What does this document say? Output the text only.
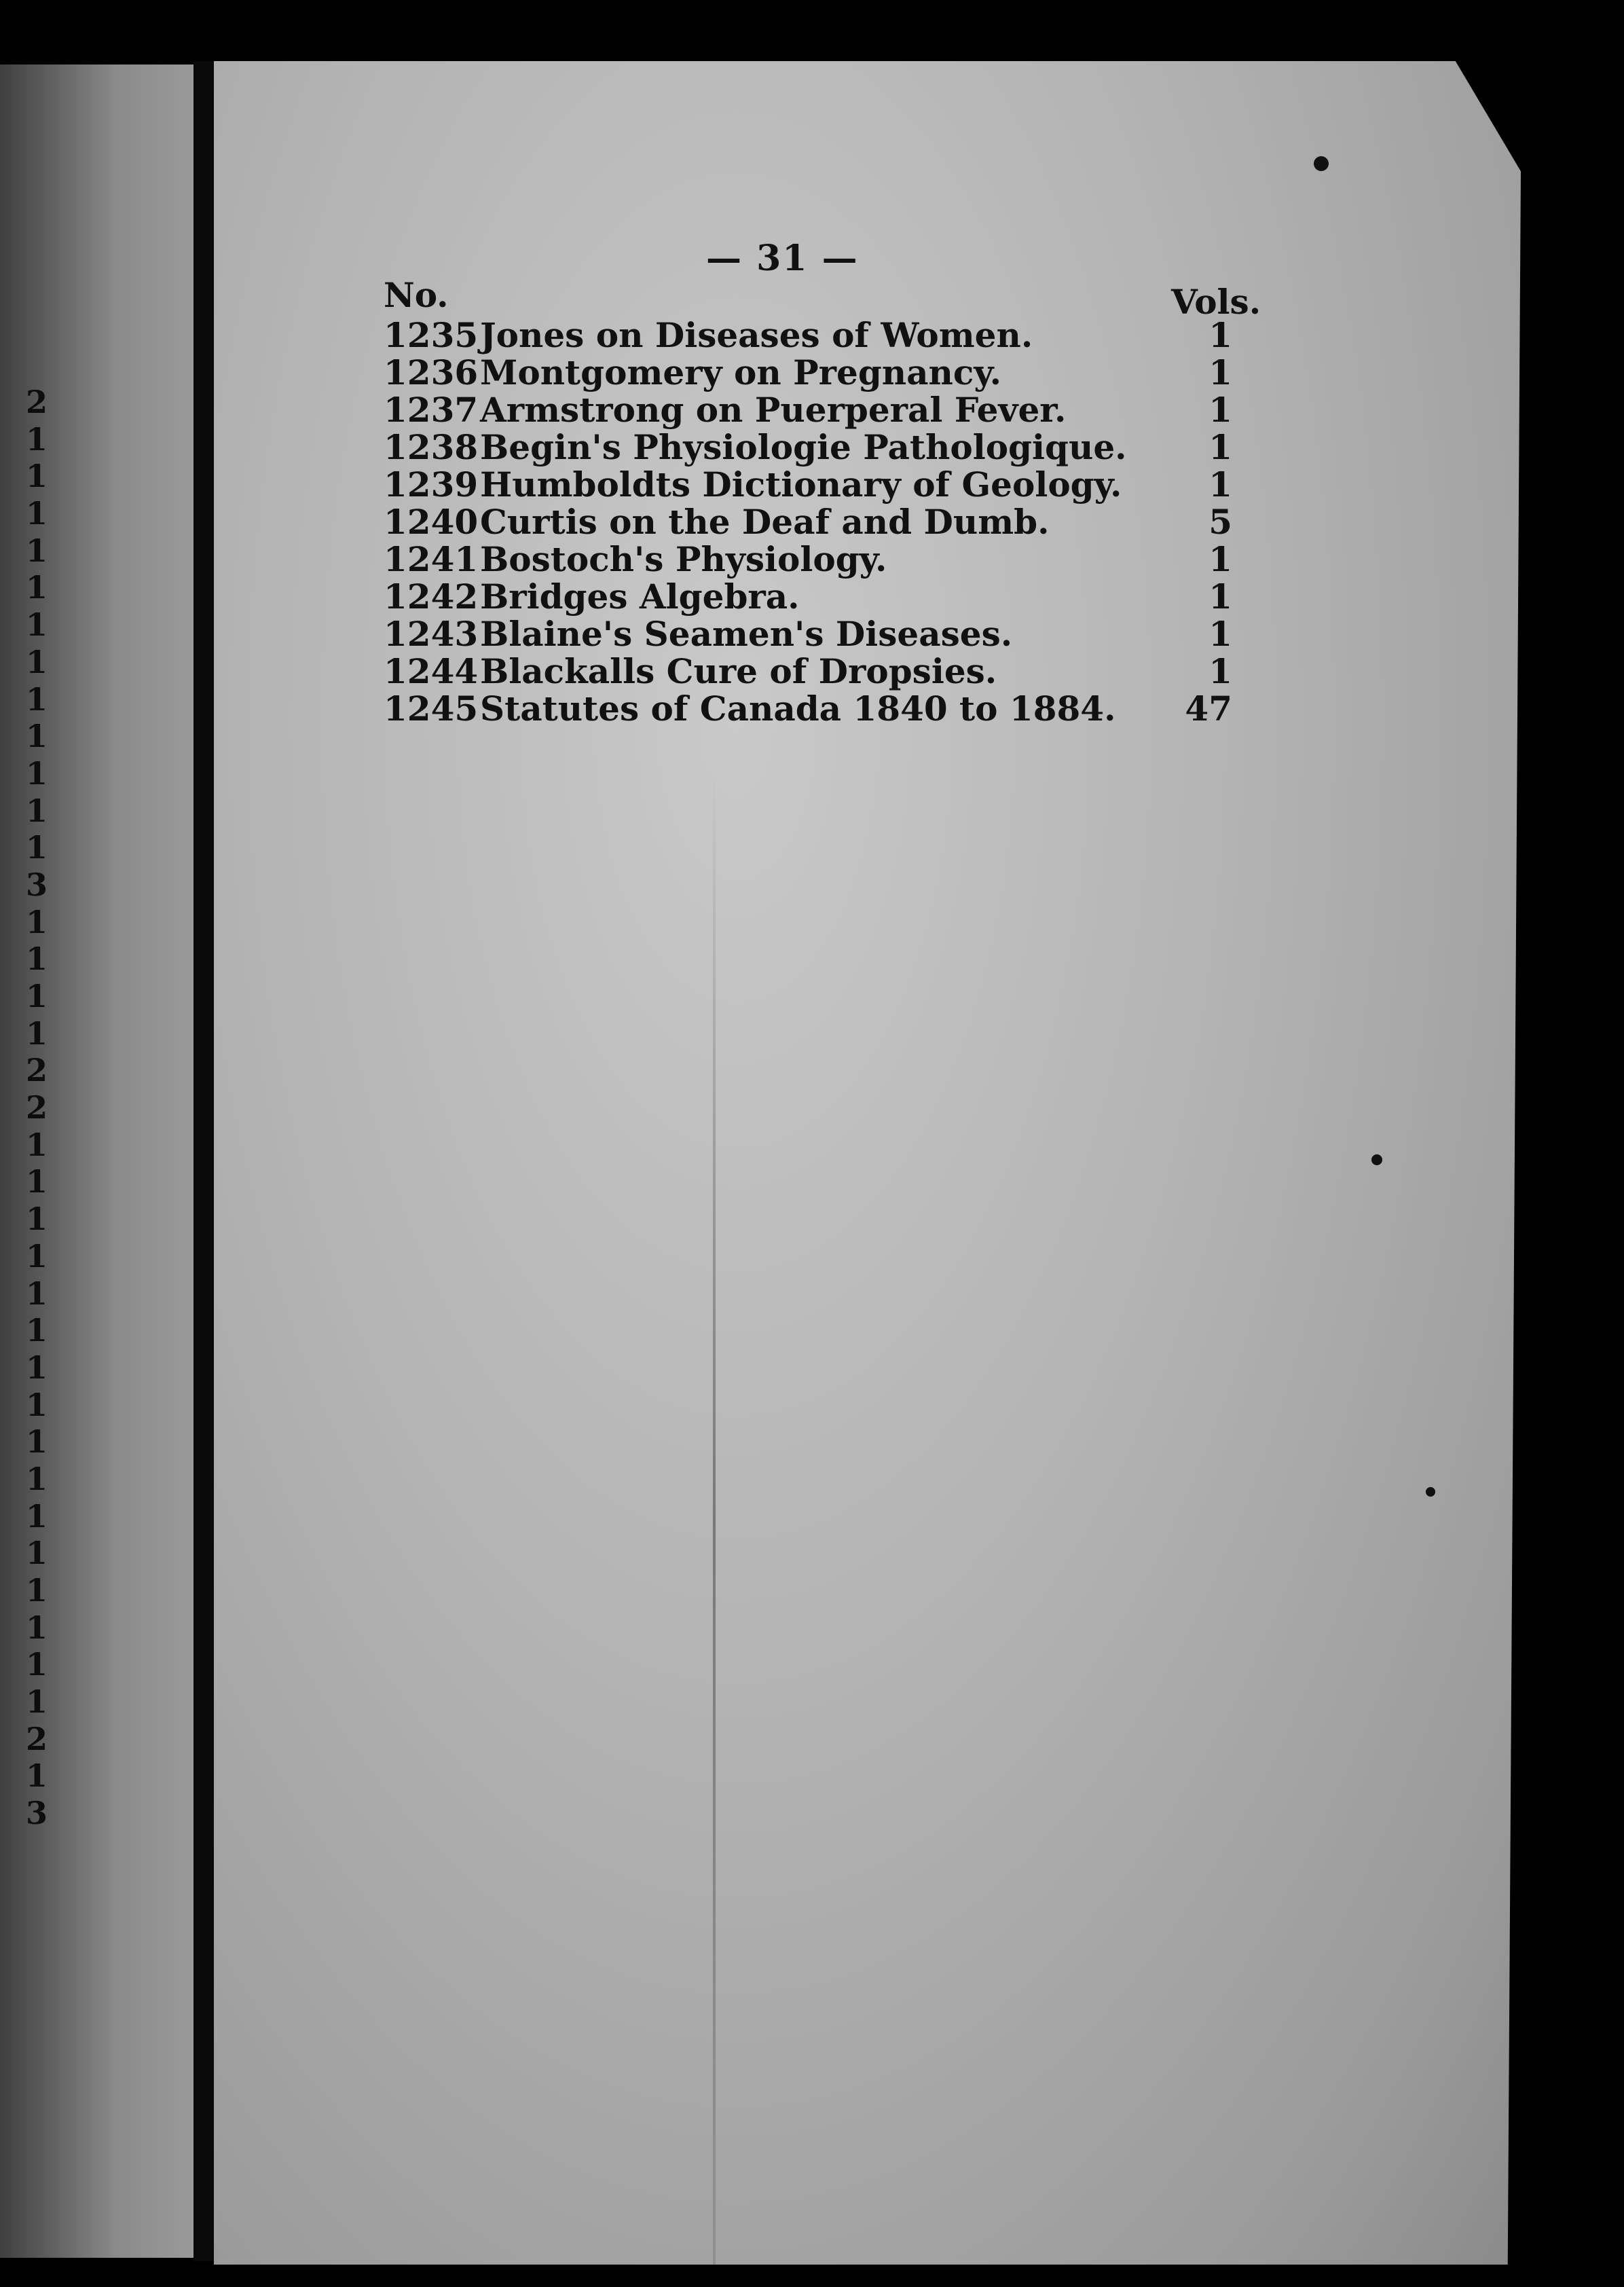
2
1
1
1
1
1
1
1
1
1
1
1
1
3
1
1
1
1
2
2
1
1
1
1
1
1
1
1
1
1
1
1
1
1
1
1
2
1
3
— 31 —
No.	Vols.
1235 Jones on Diseases of Women.	1
1236 Montgomery on Pregnancy.	1
1237 Armstrong on Puerperal Fever.	1
1238 Begin's Physiologie Pathologique.	1
1239 Humboldts Dictionary of Geology.	1
1240 Curtis on the Deaf and Dumb.	5
1241 Bostoch's Physiology.	1
1242 Bridges Algebra.	1
1243 Blaine's Seamen's Diseases.	1
1244 Blackalls Cure of Dropsies.	1
1245 Statutes of Canada 1840 to 1884.	47
